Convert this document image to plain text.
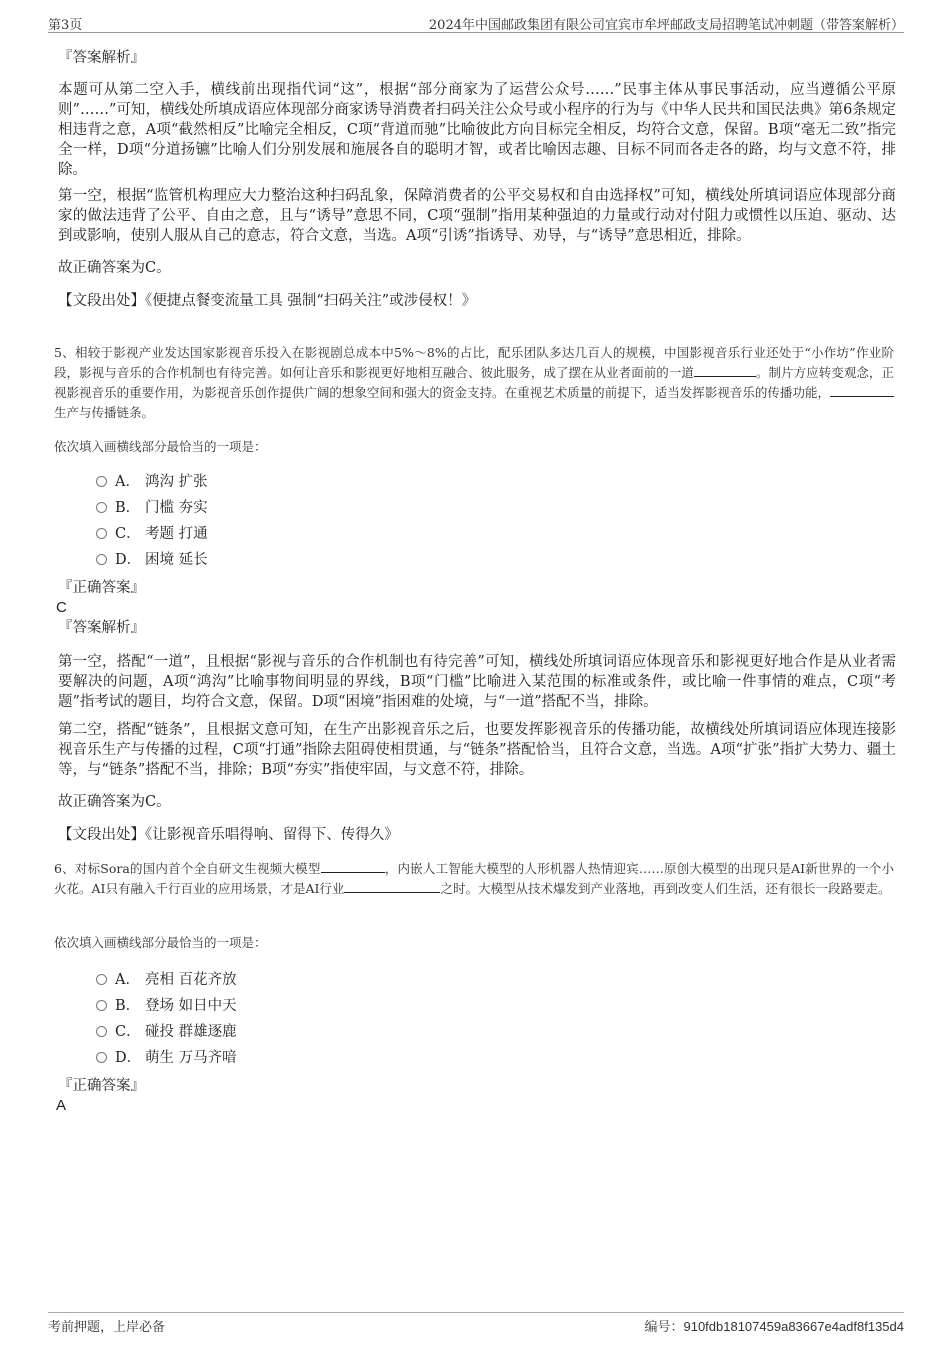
第3页	2024年中国邮政集团有限公司宜宾市牟坪邮政支局招聘笔试冲刺题（带答案解析）
『答案解析』
本题可从第二空入手，横线前出现指代词“这”，根据“部分商家为了运营公众号……”民事主体从事民事活动，应当遵循公平原则”……”可知，横线处所填成语应体现部分商家诱导消费者扫码关注公众号或小程序的行为与《中华人民共和国民法典》第6条规定相违背之意，A项“截然相反”比喻完全相反，C项“背道而驰”比喻彼此方向目标完全相反，均符合文意，保留。B项“毫无二致”指完全一样，D项“分道扬镳”比喻人们分别发展和施展各自的聪明才智，或者比喻因志趣、目标不同而各走各的路，均与文意不符，排除。
第一空，根据“监管机构理应大力整治这种扫码乱象，保障消费者的公平交易权和自由选择权”可知，横线处所填词语应体现部分商家的做法违背了公平、自由之意，且与“诱导”意思不同，C项“强制”指用某种强迫的力量或行动对付阻力或惯性以压迫、驱动、达到或影响，使别人服从自己的意志，符合文意，当选。A项“引诱”指诱导、劝导，与“诱导”意思相近，排除。
故正确答案为C。
【文段出处】《便捷点餐变流量工具 强制“扫码关注”或涉侵权！》
5、相较于影视产业发达国家影视音乐投入在影视剧总成本中5%～8%的占比，配乐团队多达几百人的规模，中国影视音乐行业还处于“小作坊”作业阶段，影视与音乐的合作机制也有待完善。如何让音乐和影视更好地相互融合、彼此服务，成了摆在从业者面前的一道	。制片方应转变观念，正视影视音乐的重要作用，为影视音乐创作提供广阔的想象空间和强大的资金支持。在重视艺术质量的前提下，适当发挥影视音乐的传播功能，生产与传播链条。
依次填入画横线部分最恰当的一项是：
A． 鸿沟 扩张
B． 门槛 夯实
C． 考题 打通
D． 困境 延长
『正确答案』
C
『答案解析』
第一空，搭配“一道”，且根据“影视与音乐的合作机制也有待完善”可知，横线处所填词语应体现音乐和影视更好地合作是从业者需要解决的问题，A项“鸿沟”比喻事物间明显的界线，B项“门槛”比喻进入某范围的标准或条件，或比喻一件事情的难点，C项“考题”指考试的题目，均符合文意，保留。D项“困境”指困难的处境，与“一道”搭配不当，排除。
第二空，搭配“链条”，且根据文意可知，在生产出影视音乐之后，也要发挥影视音乐的传播功能，故横线处所填词语应体现连接影视音乐生产与传播的过程，C项“打通”指除去阻碍使相贯通，与“链条”搭配恰当，且符合文意，当选。A项“扩张”指扩大势力、疆土等，与“链条”搭配不当，排除；B项“夯实”指使牢固，与文意不符，排除。
故正确答案为C。
【文段出处】《让影视音乐唱得响、留得下、传得久》
6、对标Sora的国内首个全自研文生视频大模型	，内嵌人工智能大模型的人形机器人热情迎宾……原创大模型的出现只是AI新世界的一个小火花。AI只有融入千行百业的应用场景，才是AI行业	之时。大模型从技术爆发到产业落地，再到改变人们生活，还有很长一段路要走。
依次填入画横线部分最恰当的一项是：
A． 亮相 百花齐放
B． 登场 如日中天
C． 碰投 群雄逐鹿
D． 萌生 万马齐喑
『正确答案』
A
考前押题，上岸必备	编号：910fdb18107459a83667e4adf8f135d4
